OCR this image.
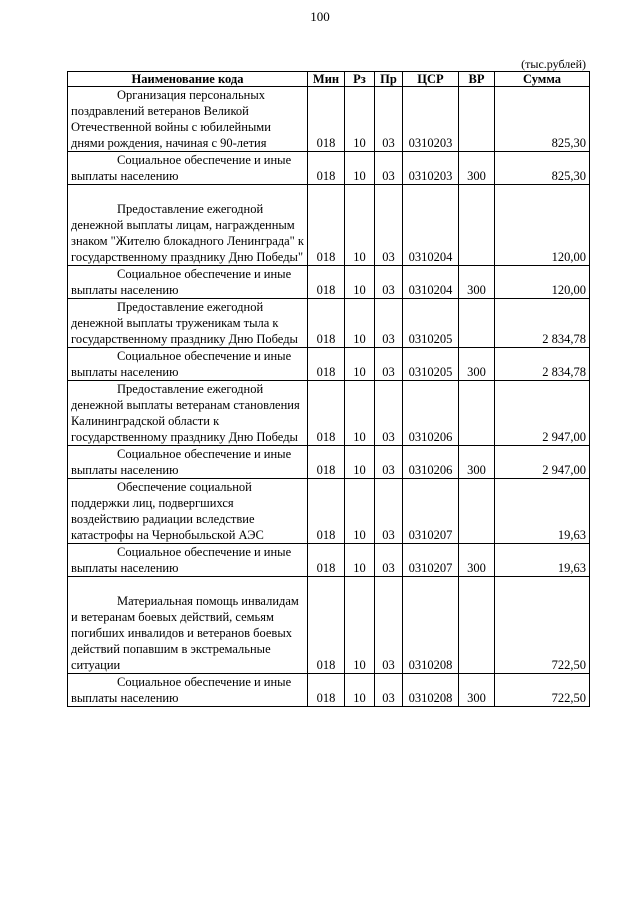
100
(тыс.рублей)
Наименование кода	Мин	Рз	Пр	ЦСР	ВР	Сумма

Организация персональных поздравлений ветеранов Великой Отечественной войны с юбилейными днями рождения, начиная с 90-летия	018	10	03	0310203		825,30

Социальное обеспечение и иные выплаты населению	018	10	03	0310203	300	825,30

Предоставление ежегодной денежной выплаты лицам, награжденным знаком "Жителю блокадного Ленинграда" к государственному празднику Дню Победы"	018	10	03	0310204		120,00

Социальное обеспечение и иные выплаты населению	018	10	03	0310204	300	120,00

Предоставление ежегодной денежной выплаты труженикам тыла к государственному празднику Дню Победы	018	10	03	0310205		2 834,78

Социальное обеспечение и иные выплаты населению	018	10	03	0310205	300	2 834,78

Предоставление ежегодной денежной выплаты ветеранам становления Калининградской области к государственному празднику Дню Победы	018	10	03	0310206		2 947,00

Социальное обеспечение и иные выплаты населению	018	10	03	0310206	300	2 947,00

Обеспечение социальной поддержки лиц, подвергшихся воздействию радиации вследствие катастрофы на Чернобыльской АЭС	018	10	03	0310207		19,63

Социальное обеспечение и иные выплаты населению	018	10	03	0310207	300	19,63

Материальная помощь инвалидам и ветеранам боевых действий, семьям погибших инвалидов и ветеранов боевых действий попавшим в экстремальные ситуации	018	10	03	0310208		722,50

Социальное обеспечение и иные выплаты населению	018	10	03	0310208	300	722,50
